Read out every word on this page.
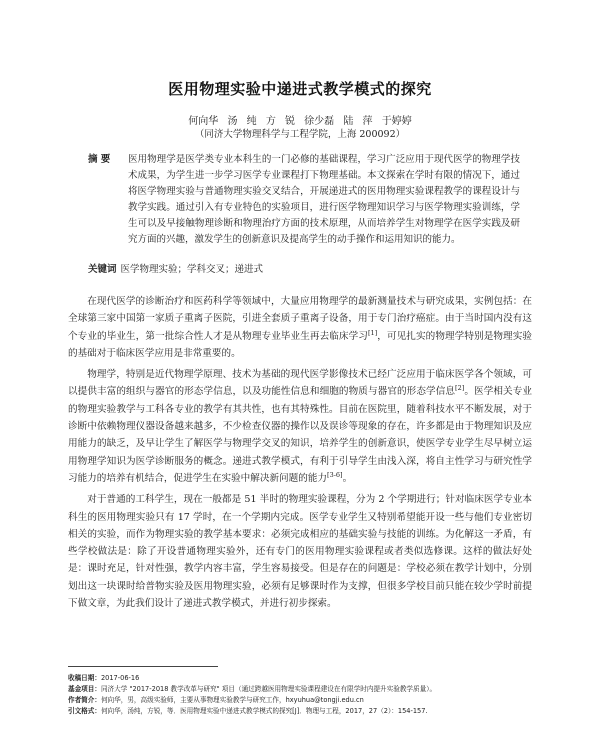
医用物理实验中递进式教学模式的探究
何向华 汤 纯 方 锐 徐少磊 陆 萍 于婷婷
（同济大学物理科学与工程学院，上海 200092）
摘 要 医用物理学是医学类专业本科生的一门必修的基础课程，学习广泛应用于现代医学的物理学技术成果，为学生进一步学习医学专业课程打下物理基础。本文探索在学时有限的情况下，通过将医学物理实验与普通物理实验交叉结合，开展递进式的医用物理实验课程教学的课程设计与教学实践。通过引入有专业特色的实验项目，进行医学物理知识学习与医学物理实验训练，学生可以及早接触物理诊断和物理治疗方面的技术原理，从而培养学生对物理学在医学实践及研究方面的兴趣，激发学生的创新意识及提高学生的动手操作和运用知识的能力。
关键词 医学物理实验；学科交叉；递进式

在现代医学的诊断治疗和医药科学等领域中，大量应用物理学的最新测量技术与研究成果，实例包括：在全球第三家中国第一家质子重离子医院，引进全套质子重离子设备，用于专门治疗癌症。由于当时国内没有这个专业的毕业生，第一批综合性人才是从物理专业毕业生再去临床学习[1]，可见扎实的物理学特别是物理实验的基础对于临床医学应用是非常重要的。

物理学，特别是近代物理学原理、技术为基础的现代医学影像技术已经广泛应用于临床医学各个领域，可以提供丰富的组织与器官的形态学信息，以及功能性信息和细胞的物质与器官的形态学信息[2]。医学相关专业的物理实验教学与工科各专业的教学有其共性，也有其特殊性。目前在医院里，随着科技水平不断发展，对于诊断中依赖物理仪器设备越来越多，不少检查仪器的操作以及误诊等现象的存在，许多都是由于物理知识及应用能力的缺乏，及早让学生了解医学与物理学交叉的知识，培养学生的创新意识，使医学专业学生尽早树立运用物理学知识为医学诊断服务的概念。递进式教学模式，有利于引导学生由浅入深，将自主性学习与研究性学习能力的培养有机结合，促进学生在实验中解决新问题的能力[3-6]。

对于普通的工科学生，现在一般都是 51 半时的物理实验课程，分为 2 个学期进行；针对临床医学专业本科生的医用物理实验只有 17 学时，在一个学期内完成。医学专业学生又特别希望能开设一些与他们专业密切相关的实验，而作为物理实验的教学基本要求：必须完成相应的基础实验与技能的训练。为化解这一矛盾，有些学校做法是：除了开设普通物理实验外，还有专门的医用物理实验课程或者类似选修课。这样的做法好处是：课时充足，针对性强，教学内容丰富，学生容易接受。但是存在的问题是：学校必须在教学计划中，分别划出这一块课时给普物实验及医用物理实验，必须有足够课时作为支撑，但很多学校目前只能在较少学时前提下做文章，为此我们设计了递进式教学模式，并进行初步探索。

收稿日期：2017-06-16
基金项目：同济大学 "2017-2018 教学改革与研究" 项目（通过跨越医用物理实验课程建设在有限学时内提升实验教学质量）。
作者简介：何向华，男，高级实验师，主要从事物理实验教学与研究工作，hxyuhua@tongji.edu.cn
引文格式：何向华，汤纯，方锐，等．医用物理实验中递进式教学模式的探究[J]．物理与工程，2017，27（2）：154-157.
